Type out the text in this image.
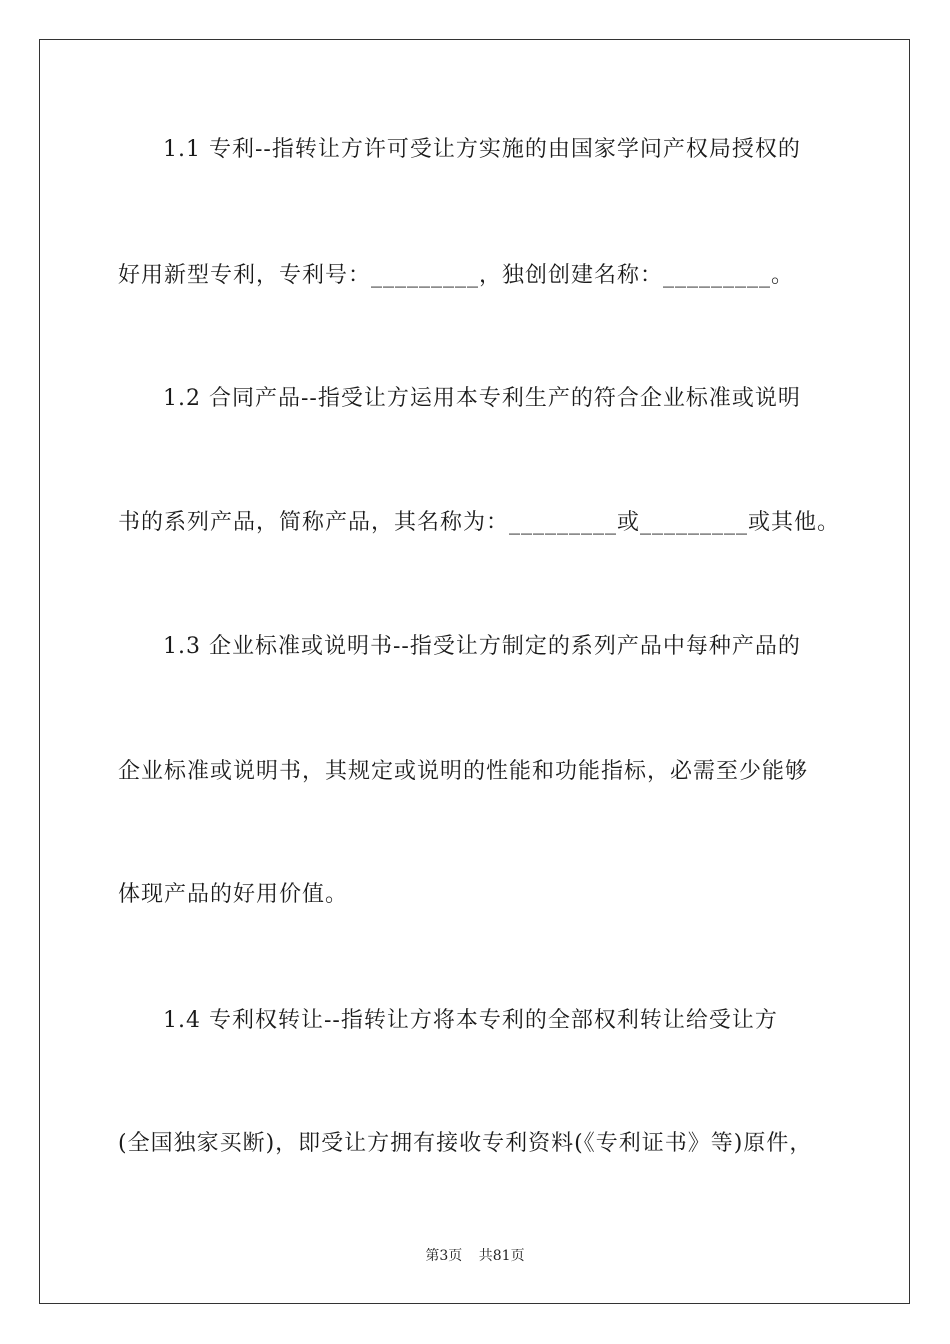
1.1 专利--指转让方许可受让方实施的由国家学问产权局授权的
好用新型专利，专利号：_________，独创创建名称：_________。
1.2 合同产品--指受让方运用本专利生产的符合企业标准或说明
书的系列产品，简称产品，其名称为：_________或_________或其他。
1.3 企业标准或说明书--指受让方制定的系列产品中每种产品的
企业标准或说明书，其规定或说明的性能和功能指标，必需至少能够
体现产品的好用价值。
1.4 专利权转让--指转让方将本专利的全部权利转让给受让方
(全国独家买断)，即受让方拥有接收专利资料(《专利证书》等)原件，
第3页 共81页
